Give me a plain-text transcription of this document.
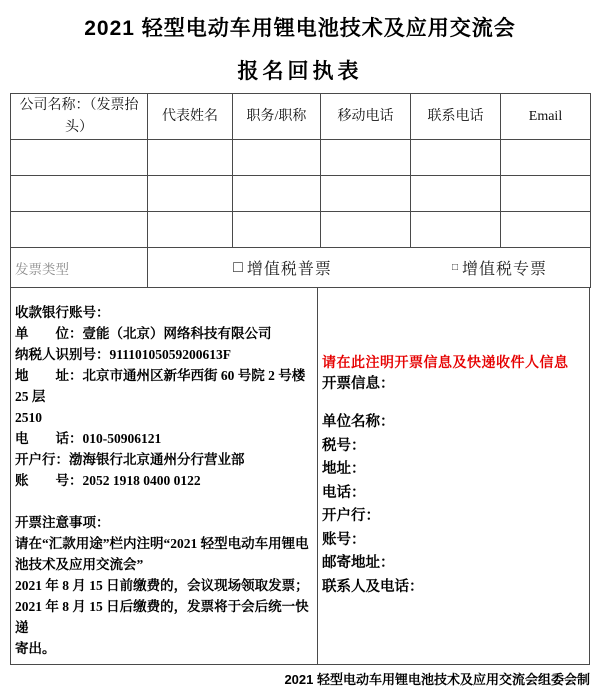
2021 轻型电动车用锂电池技术及应用交流会
报名回执表
公司名称：（发票抬头）	代表姓名	职务/职称	移动电话	联系电话	Email

发票类型	□ 增值税普票 □ 增值税专票				
收款银行账号：
单　　位：壹能（北京）网络科技有限公司
纳税人识别号：91110105059200613F
地　　址：北京市通州区新华西街 60 号院 2 号楼 25 层
2510
电　　话：010-50906121
开户行：渤海银行北京通州分行营业部
账　　号：2052 1918 0400 0122
开票注意事项：
请在“汇款用途”栏内注明“2021 轻型电动车用锂电
池技术及应用交流会”
2021 年 8 月 15 日前缴费的，会议现场领取发票；
2021 年 8 月 15 日后缴费的，发票将于会后统一快递
寄出。
请在此注明开票信息及快递收件人信息
开票信息：
单位名称：
税号：
地址：
电话：
开户行：
账号：
邮寄地址：
联系人及电话：
2021 轻型电动车用锂电池技术及应用交流会组委会制
